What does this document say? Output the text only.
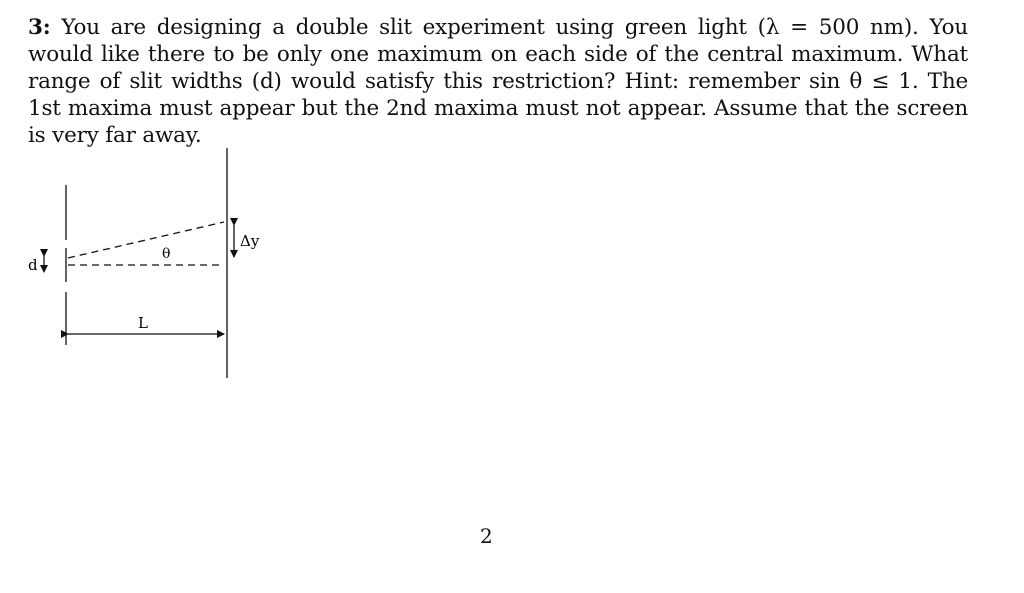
3: You are designing a double slit experiment using green light (λ = 500 nm). You would like there to be only one maximum on each side of the central maximum. What range of slit widths (d) would satisfy this restriction? Hint: remember sin θ ≤ 1. The 1st maxima must appear but the 2nd maxima must not appear. Assume that the screen is very far away.
d
θ
Δy
L
2
